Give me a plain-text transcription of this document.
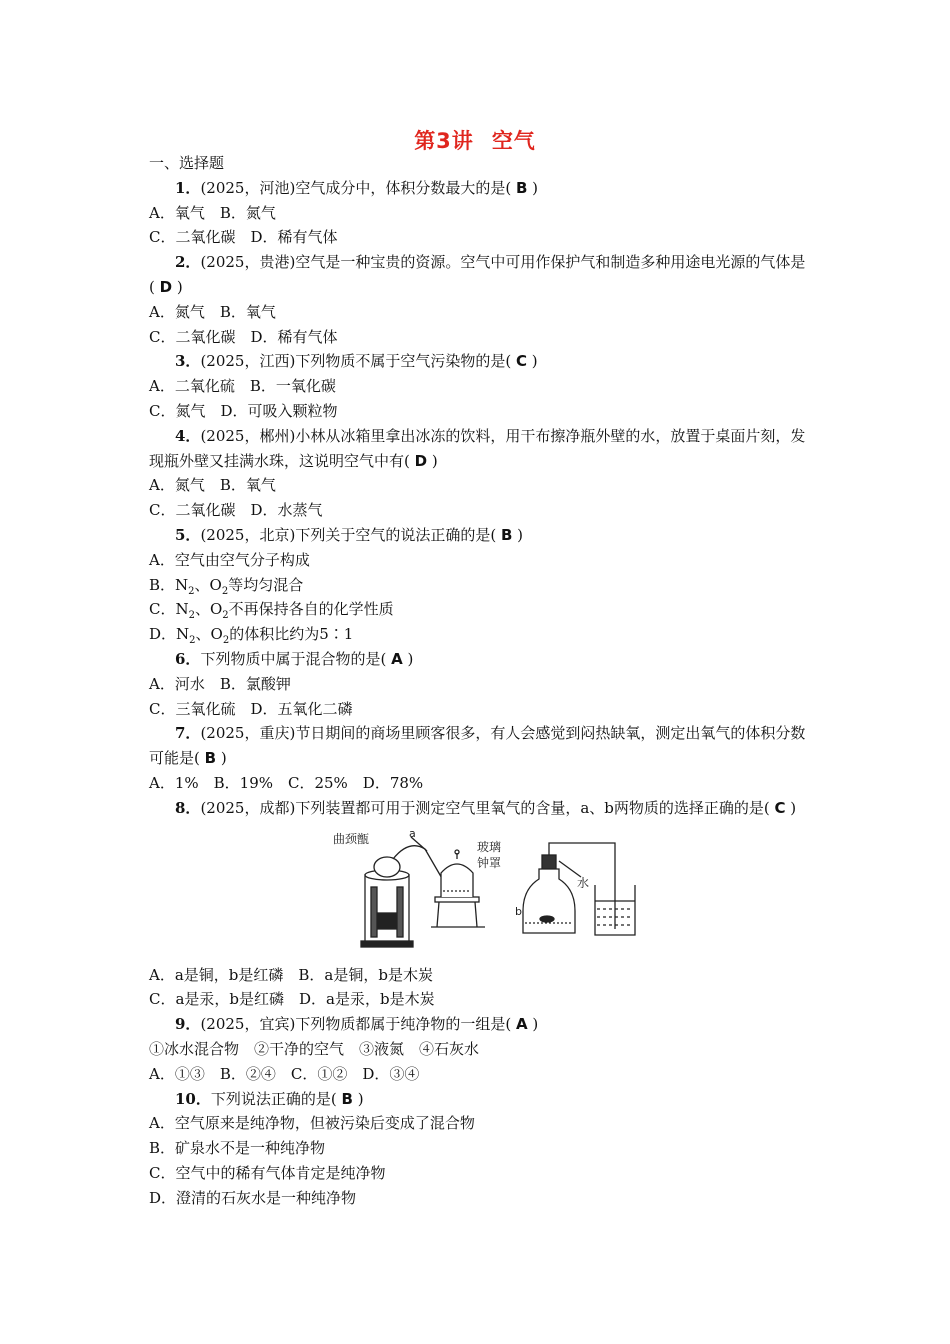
第3讲 空气
一、选择题
1．(2025，河池)空气成分中，体积分数最大的是( B )
A．氧气　B．氮气
C．二氧化碳　D．稀有气体
2．(2025，贵港)空气是一种宝贵的资源。空气中可用作保护气和制造多种用途电光源的气体是( D )
A．氮气　B．氧气
C．二氧化碳　D．稀有气体
3．(2025，江西)下列物质不属于空气污染物的是( C )
A．二氧化硫　B．一氧化碳
C．氮气　D．可吸入颗粒物
4．(2025，郴州)小林从冰箱里拿出冰冻的饮料，用干布擦净瓶外壁的水，放置于桌面片刻，发现瓶外壁又挂满水珠，这说明空气中有( D )
A．氮气　B．氧气
C．二氧化碳　D．水蒸气
5．(2025，北京)下列关于空气的说法正确的是( B )
A．空气由空气分子构成
B．$N_2$、$O_2$等均匀混合
C．$N_2$、$O_2$不再保持各自的化学性质
D．$N_2$、$O_2$的体积比约为5∶1
6．下列物质中属于混合物的是( A )
A．河水　B．氯酸钾
C．三氧化硫　D．五氧化二磷
7．(2025，重庆)节日期间的商场里顾客很多，有人会感觉到闷热缺氧，测定出氧气的体积分数可能是( B )
A．1%　B．19%　C．25%　D．78%
8．(2025，成都)下列装置都可用于测定空气里氧气的含量，a、b两物质的选择正确的是( C )
曲颈甑	a
玻璃
钟罩
b
水
A．a是铜，b是红磷　B．a是铜，b是木炭
C．a是汞，b是红磷　D．a是汞，b是木炭
9．(2025，宜宾)下列物质都属于纯净物的一组是( A )
①冰水混合物　②干净的空气　③液氮　④石灰水
A．①③　B．②④　C．①②　D．③④
10．下列说法正确的是( B )
A．空气原来是纯净物，但被污染后变成了混合物
B．矿泉水不是一种纯净物
C．空气中的稀有气体肯定是纯净物
D．澄清的石灰水是一种纯净物
